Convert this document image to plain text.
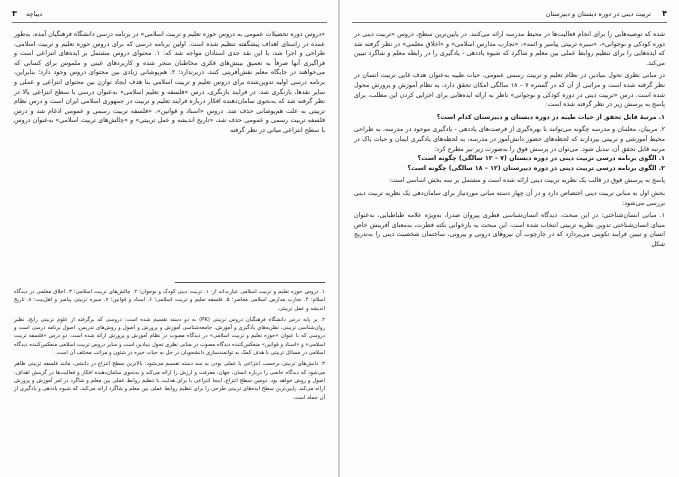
۳ دیباچه

«دروس دوره تحصیلات عمومی به دروس حوزه تعلیم و تربیت اسلامی» در برنامه درسی دانشگاه فرهنگیان آمده، به‌طور عمده در راستای اهداف پیشگفته تنظیم شده است. اولین برنامه درسی که برای دروس حوزه تعلیم و تربیت اسلامی، طراحی و اجرا شد، با این نقد جدی استادان مواجه شد که: ۱. محتوای دروس مشتمل بر ایده‌های انتزاعی است و فراگیری آنها صرفاً به تعمیق بینش‌های فکری مخاطبان منجر شده و کاربردهای عینی و ملموس برای کسانی که می‌خواهند در جایگاه معلم نقش‌آفرینی کنند، دربرندارد؛ ۲. هم‌پوشانی زیادی بین محتوای دروس وجود دارد؛ بنابراین، برنامه درسی اولیه تدوین‌شده برای دروس تعلیم و تربیت اسلامی بنا هدف ایجاد توازن بین محتوای انتزاعی و عملی و سایر نقدها، بازنگری شد. در فرایند بازنگری، درس «فلسفه و تعلیم اسلامی» به‌عنوان درسی با سطح انتزاعی بالا در نظر گرفته شد که به‌نحوی سامان‌دهنده افکار درباره فرایند تعلیم و تربیت در جمهوری اسلامی ایران است و درس نظام تربیتی به علت هم‌پوشانی حذف شد. دروس «اسناد و قوانین»، «فلسفه تربیت رسمی و عمومی ادغام شد و درس فلسفه تربیت رسمی و عمومی حذف شد، «تاریخ اندیشه و عمل تربیتی» و «چالش‌های تربیت اسلامی» به‌عنوان دروس با سطح انتزاعی میانی در نظر گرفته

۱. دروس حوزه تعلیم و تربیت اسلامی عبارت‌اند از: ۱. تربیت دینی کودک و نوجوان؛ ۲. چالش‌های تربیت اسلامی؛ ۳. اخلاق معلمی در دیدگاه اسلام؛ ۴. تجارب مدارس اسلامی معاصر؛ ۵. فلسفه تعلیم و تربیت اسلامی؛ ۶. اسناد و قوانین؛ ۷. سیره تربیتی پیامبر و اهل‌بیت؛ ۸. تاریخ اندیشه و عمل تربیتی.

۲. بر پایه درس دانشگاه فرهنگیان دروس تربیتی (PK) به دو دسته تقسیم شده است: دروسی که برگرفته از علوم تربیتی رایج، نظیر روان‌شناسی تربیتی، نظریه‌های یادگیری و آموزش، جامعه‌شناسی آموزش و پرورش و اصول و روش‌های تدریس، اصول برنامه درسی است و دروسی که با عنوان «حوزه تعلیم و تربیت اسلامی» در دیدگاه مصوب در نظام آموزش و پرورش ارائه شده است. دو درس «فلسفه تربیت اسلامی» و «اسناد و قوانین» منعکس‌کننده دیدگاه مصوب در مبانی نظری تحول بنیادین است و سایر دروس تربیت اسلامی منعکس‌کننده دیدگاه اسلامی در مسائل تربیتی با هدف کمک به توانمندسازی دانشجویان در حل به حیات خیره در شئون و مراتب مختلف آن است.

۳. دانش‌های تربیتی برحسب انتزاعی یا عملی بودن به سه دسته تقسیم می‌شود: بالاترین سطح انتزاع در دانشی، مانند فلسفه تربیتی ظاهر می‌شود که دیدگاه خاصی را درباره انسان، جهان، معرفت و ارزش را ارائه می‌کند و به‌نحوی سامان‌دهنده افکار و فعالیت‌ها در گزینش اهداف، اصول و روش خواهد بود. دومین سطح انتزاع، اینجا انتزاعی با برای هدایت یا تنظیم روابط عملی بین معلم و شاگرد در امر آموزش و پرورش ارائه می‌کند. پایین‌ترین سطح ایده‌های تربیتی طرحی را برای تنظیم روابط عملی بین معلم و شاگرد ارائه می‌کند، که شیوه یاددهی و یادگیری از آن جمله است.

۴
تربیت دینی در دوره دبستان و دبیرستان

شده که توصیه‌هایی را برای انجام فعالیت‌ها در محیط مدرسه ارائه می‌کنند. در پایین‌ترین سطح، دروس «تربیت دینی در دوره کودکی و نوجوانی»، «سیره تربیتی پیامبر و ائمه»، «تجارب مدارس اسلامی» و «اخلاق معلمی» در نظر گرفته شد که ایده‌هایی را برای تنظیم روابط عملی بین معلم و شاگرد که شیوه یاددهی - یادگیری را در رابطه معلم و شاگرد تبیین می‌کند.

در مبانی نظری تحول بنیادین در نظام تعلیم و تربیت رسمی عمومی، حیات طیبه به‌عنوان هدف غایی تربیت انسان در نظر گرفته شده است و مراتبی از آن که در گستره ۷ – ۱۸ سالگی امکان تحقق دارد، به نظام آموزش و پرورش محول شده است. درس «تربیت دینی در دوره کودکی و نوجوانی» ناظر به ارائه ایده‌هایی برای اجرایی کردن این مطلب، برای پاسخ به پرسش زیر در نظر گرفته شده است:

۱. مرتبهٔ قابل تحقق از حیات طیبه در دوره دبستان و دبیرستان کدام است؟

۲. مربیان، معلمان و مدرسه چگونه می‌توانند با بهره‌گیری از فرصت‌های یاددهی - یادگیری موجود در مدرسه، به طراحی محیط آموزشی و تربیتی بپردازند که لحظه‌های حضور دانش‌آموز در مدرسه، به لحظه‌های یادگیری ایمان و حیات پاک در مرتبه قابل تحقق آن، تبدیل شود. می‌توان در پرسش فوق را به‌صورت زیر نیز مطرح کرد:

۱. الگوی برنامه درسی تربیت دینی در دوره دبستان (۷ – ۱۲ سالگی) چگونه است؟

۲. الگوی برنامه درسی تربیت دینی در دوره دبیرستان (۱۲ – ۱۸ سالگی) چگونه است؟

پاسخ به پرسش فوق در قالب یک نظریه تربیت دینی ارائه شده است و مشتمل بر سه بخش اساسی است:

بخش اول به مبانی تربیت دینی اختصاص دارد و در آن چهار دسته مبانی موردنیاز برای سامان‌دهی یک نظریه تربیت دینی بررسی می‌شود:

۱. مبانی انسان‌شناختی: در این مبحث، دیدگاه انسان‌شناسی فطری پیروان صدرا، به‌ویژه علامه طباطبایی، به‌عنوان مبنای انسان‌شناختی تدوین نظریه تربیتی انتخاب شده است. این مبحث به بازخوانی نکته فطرت، به‌معنای آفرینش خاص انسان و تبیین فرایند تکوینی می‌پردازد که در چارچوب آن نیروهای درونی و بیرونی، ساختمان شخصیت دینی را به‌تدریج شکل
